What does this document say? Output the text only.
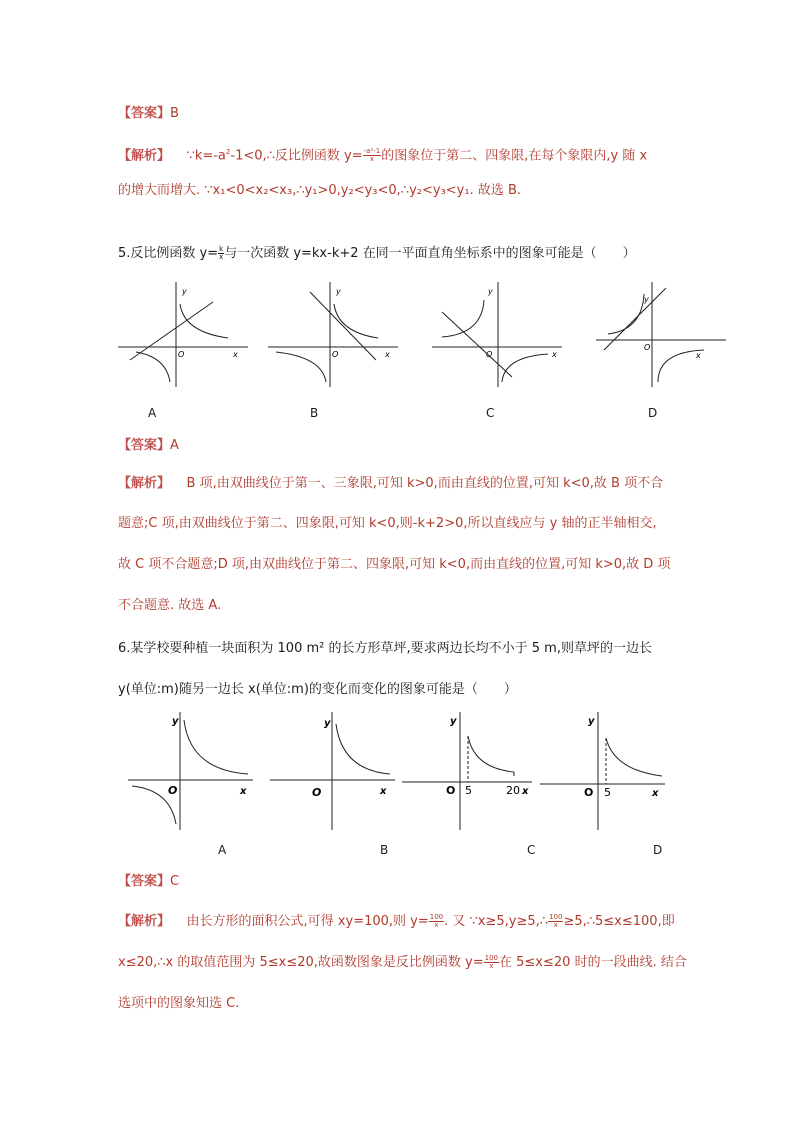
【答案】B
【解析】 $\because k=-a^2-1<0,\therefore$反比例函数 $y= \frac{\text{-a²-1}}{x}$ 的图象位于第二、四象限,在每个象限内,y 随 x
的增大而增大. ∵x₁<0<x₂<x₃,∴y₁>0,y₂<y₃<0,∴y₂<y₃<y₁. 故选 B.
5.反比例函数 $y= \frac{k}{x}$ 与一次函数 y=kx-k+2 在同一平面直角坐标系中的图象可能是（　　）
y
x
O
y
x
O
y
x
O
y
x
O
A	B	C	D
【答案】A
【解析】 B 项,由双曲线位于第一、三象限,可知 k>0,而由直线的位置,可知 k<0,故 B 项不合
题意;C 项,由双曲线位于第二、四象限,可知 k<0,则-k+2>0,所以直线应与 y 轴的正半轴相交,
故 C 项不合题意;D 项,由双曲线位于第二、四象限,可知 k<0,而由直线的位置,可知 k>0,故 D 项
不合题意. 故选 A.
6.某学校要种植一块面积为 100 m² 的长方形草坪,要求两边长均不小于 5 m,则草坪的一边长
y(单位:m)随另一边长 x(单位:m)的变化而变化的图象可能是（　　）
y
x
O
y
x
O
y
x
O 5	20
y
x
O 5
A	B	C	D
【答案】C
【解析】 由长方形的面积公式,可得 xy=100,则 $y= \frac{100}{x}$ . 又 ∵x≥5,y≥5,∴ $\frac{100}{x}$ ≥5,∴5≤x≤100,即
x≤20,∴x 的取值范围为 5≤x≤20,故函数图象是反比例函数 $y= \frac{100}{x}$ 在 5≤x≤20 时的一段曲线. 结合
选项中的图象知选 C.
